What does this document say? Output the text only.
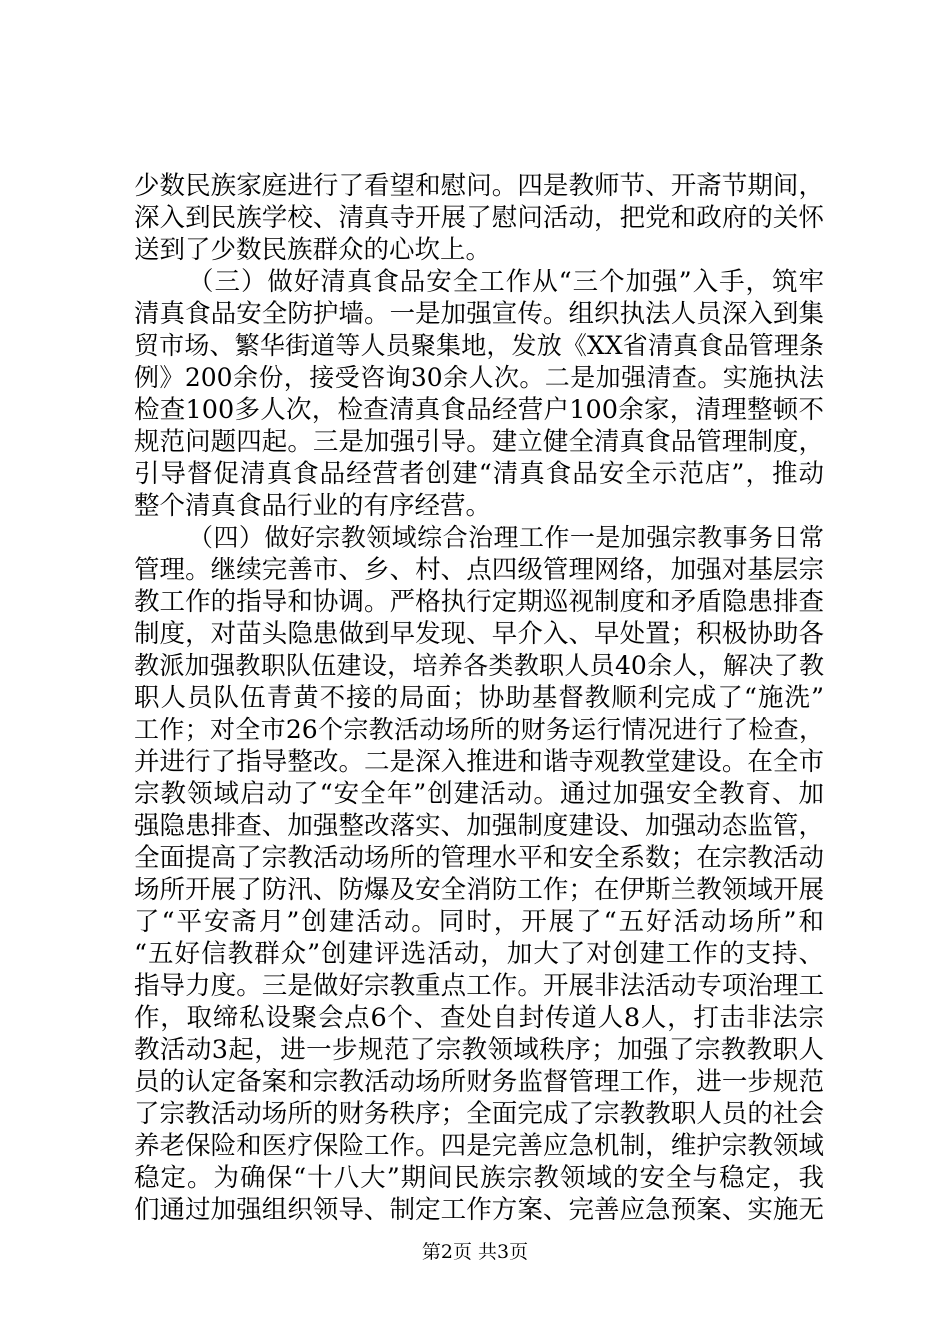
少数民族家庭进行了看望和慰问。四是教师节、开斋节期间，
深入到民族学校、清真寺开展了慰问活动，把党和政府的关怀
送到了少数民族群众的心坎上。
（三）做好清真食品安全工作从“三个加强”入手，筑牢
清真食品安全防护墙。一是加强宣传。组织执法人员深入到集
贸市场、繁华街道等人员聚集地，发放《XX省清真食品管理条
例》200余份，接受咨询30余人次。二是加强清查。实施执法
检查100多人次，检查清真食品经营户100余家，清理整顿不
规范问题四起。三是加强引导。建立健全清真食品管理制度，
引导督促清真食品经营者创建“清真食品安全示范店”，推动
整个清真食品行业的有序经营。
（四）做好宗教领域综合治理工作一是加强宗教事务日常
管理。继续完善市、乡、村、点四级管理网络，加强对基层宗
教工作的指导和协调。严格执行定期巡视制度和矛盾隐患排查
制度，对苗头隐患做到早发现、早介入、早处置；积极协助各
教派加强教职队伍建设，培养各类教职人员40余人，解决了教
职人员队伍青黄不接的局面；协助基督教顺利完成了“施洗”
工作；对全市26个宗教活动场所的财务运行情况进行了检查，
并进行了指导整改。二是深入推进和谐寺观教堂建设。在全市
宗教领域启动了“安全年”创建活动。通过加强安全教育、加
强隐患排查、加强整改落实、加强制度建设、加强动态监管，
全面提高了宗教活动场所的管理水平和安全系数；在宗教活动
场所开展了防汛、防爆及安全消防工作；在伊斯兰教领域开展
了“平安斋月”创建活动。同时，开展了“五好活动场所”和
“五好信教群众”创建评选活动，加大了对创建工作的支持、
指导力度。三是做好宗教重点工作。开展非法活动专项治理工
作，取缔私设聚会点6个、查处自封传道人8人，打击非法宗
教活动3起，进一步规范了宗教领域秩序；加强了宗教教职人
员的认定备案和宗教活动场所财务监督管理工作，进一步规范
了宗教活动场所的财务秩序；全面完成了宗教教职人员的社会
养老保险和医疗保险工作。四是完善应急机制，维护宗教领域
稳定。为确保“十八大”期间民族宗教领域的安全与稳定，我
们通过加强组织领导、制定工作方案、完善应急预案、实施无
第2页 共3页
